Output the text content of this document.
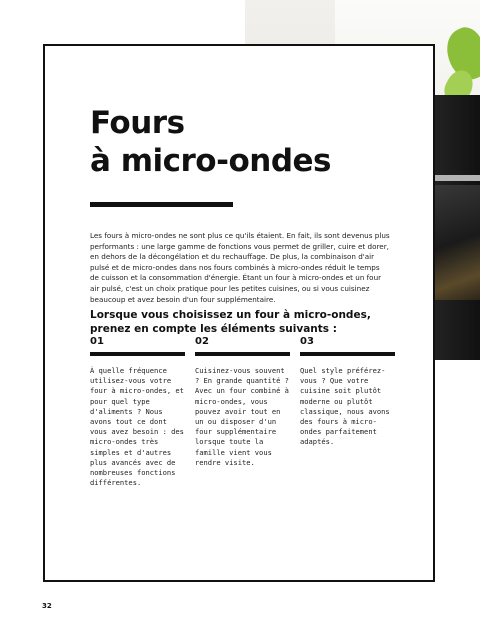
Fours
à micro-ondes

Les fours à micro-ondes ne sont plus ce qu'ils étaient. En fait, ils sont devenus plus performants : une large gamme de fonctions vous permet de griller, cuire et dorer, en dehors de la décongélation et du rechauffage. De plus, la combinaison d'air pulsé et de micro-ondes dans nos fours combinés à micro-ondes réduit le temps de cuisson et la consommation d'énergie. Étant un four à micro-ondes et un four air pulsé, c'est un choix pratique pour les petites cuisines, ou si vous cuisinez beaucoup et avez besoin d'un four supplémentaire.

Lorsque vous choisissez un four à micro-ondes, prenez en compte les éléments suivants :
01

À quelle fréquence utilisez-vous votre four à micro-ondes, et pour quel type d'aliments ? Nous avons tout ce dont vous avez besoin : des micro-ondes très simples et d'autres plus avancés avec de nombreuses fonctions différentes.

02

Cuisinez-vous souvent ? En grande quantité ? Avec un four combiné à micro-ondes, vous pouvez avoir tout en un ou disposer d'un four supplémentaire lorsque toute la famille vient vous rendre visite.

03

Quel style préférez-vous ? Que votre cuisine soit plutôt moderne ou plutôt classique, nous avons des fours à micro-ondes parfaitement adaptés.

32
